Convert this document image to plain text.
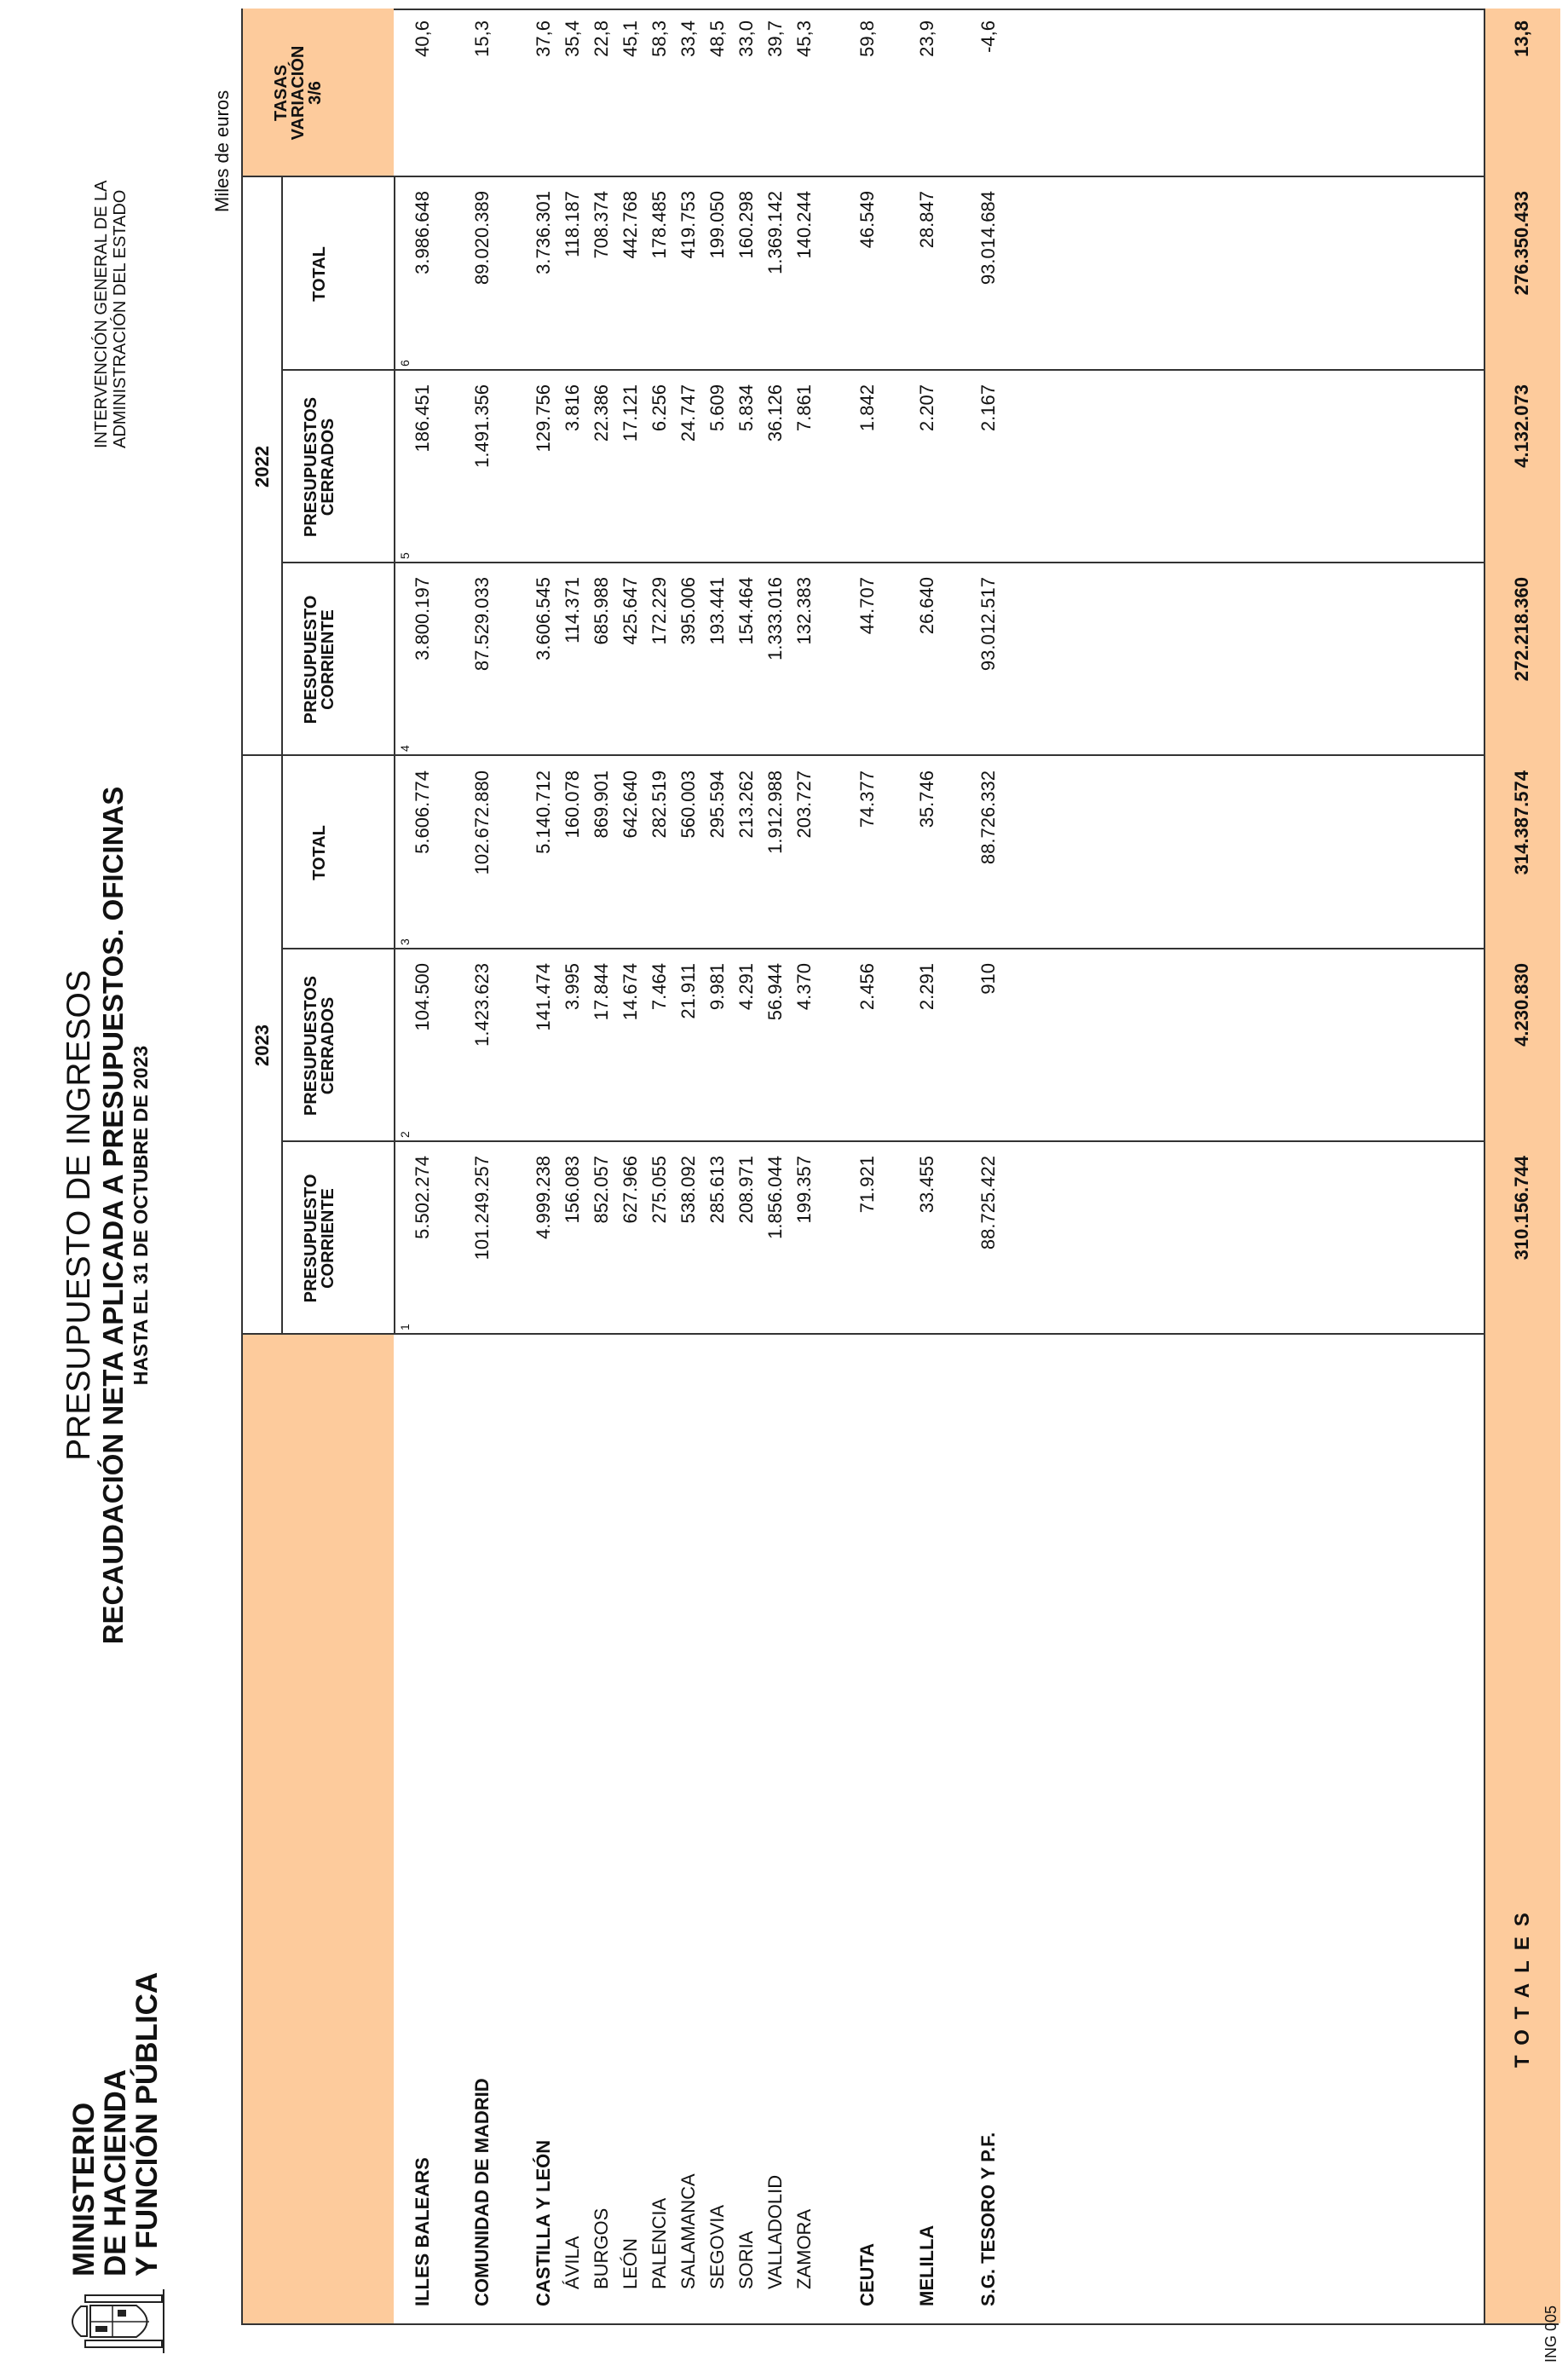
MINISTERIO
DE HACIENDA
Y FUNCIÓN PÚBLICA
PRESUPUESTO DE INGRESOS RECAUDACIÓN NETA APLICADA A PRESUPUESTOS. OFICINAS HASTA EL 31 DE OCTUBRE DE 2023
INTERVENCIÓN GENERAL DE LA ADMINISTRACIÓN DEL ESTADO
Miles de euros
2023
2022
PRESUPUESTO
CORRIENTE
PRESUPUESTOS
CERRADOS
TOTAL
PRESUPUESTO
CORRIENTE
PRESUPUESTOS
CERRADOS
TOTAL
TASAS
VARIACIÓN
3/6
1
2
3
4
5
6
ILLES BALEARS
5.502.274
104.500
5.606.774
3.800.197
186.451
3.986.648
40,6
COMUNIDAD DE MADRID
101.249.257
1.423.623
102.672.880
87.529.033
1.491.356
89.020.389
15,3
CASTILLA Y LEÓN
4.999.238
141.474
5.140.712
3.606.545
129.756
3.736.301
37,6
ÁVILA
156.083
3.995
160.078
114.371
3.816
118.187
35,4
BURGOS
852.057
17.844
869.901
685.988
22.386
708.374
22,8
LEÓN
627.966
14.674
642.640
425.647
17.121
442.768
45,1
PALENCIA
275.055
7.464
282.519
172.229
6.256
178.485
58,3
SALAMANCA
538.092
21.911
560.003
395.006
24.747
419.753
33,4
SEGOVIA
285.613
9.981
295.594
193.441
5.609
199.050
48,5
SORIA
208.971
4.291
213.262
154.464
5.834
160.298
33,0
VALLADOLID
1.856.044
56.944
1.912.988
1.333.016
36.126
1.369.142
39,7
ZAMORA
199.357
4.370
203.727
132.383
7.861
140.244
45,3
CEUTA
71.921
2.456
74.377
44.707
1.842
46.549
59,8
MELILLA
33.455
2.291
35.746
26.640
2.207
28.847
23,9
S.G. TESORO Y P.F.
88.725.422
910
88.726.332
93.012.517
2.167
93.014.684
-4,6
TOTALES
310.156.744
4.230.830
314.387.574
272.218.360
4.132.073
276.350.433
13,8
ING 005
